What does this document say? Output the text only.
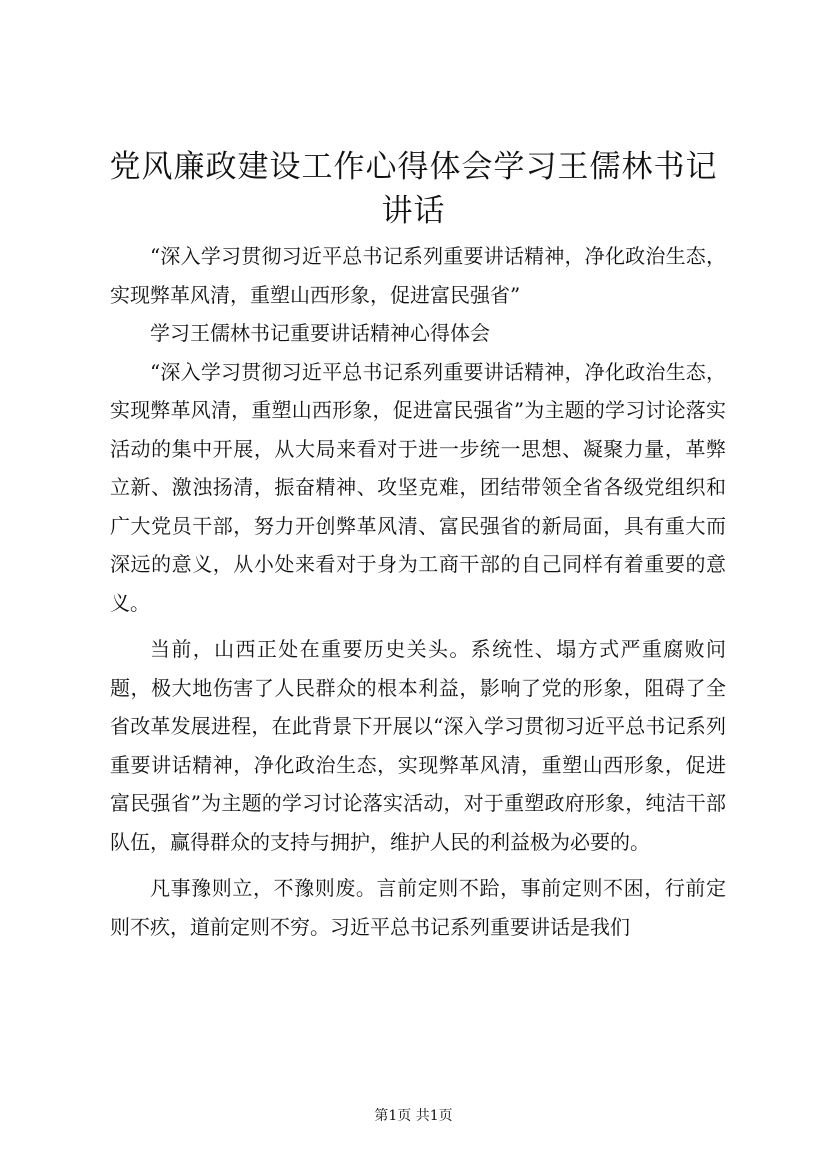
党风廉政建设工作心得体会学习王儒林书记讲话

“深入学习贯彻习近平总书记系列重要讲话精神，净化政治生态，实现弊革风清，重塑山西形象，促进富民强省”

学习王儒林书记重要讲话精神心得体会

“深入学习贯彻习近平总书记系列重要讲话精神，净化政治生态，实现弊革风清，重塑山西形象，促进富民强省”为主题的学习讨论落实活动的集中开展，从大局来看对于进一步统一思想、凝聚力量，革弊立新、激浊扬清，振奋精神、攻坚克难，团结带领全省各级党组织和广大党员干部，努力开创弊革风清、富民强省的新局面，具有重大而深远的意义，从小处来看对于身为工商干部的自己同样有着重要的意义。

当前，山西正处在重要历史关头。系统性、塌方式严重腐败问题，极大地伤害了人民群众的根本利益，影响了党的形象，阻碍了全省改革发展进程，在此背景下开展以“深入学习贯彻习近平总书记系列重要讲话精神，净化政治生态，实现弊革风清，重塑山西形象，促进富民强省”为主题的学习讨论落实活动，对于重塑政府形象，纯洁干部队伍，赢得群众的支持与拥护，维护人民的利益极为必要的。

凡事豫则立，不豫则废。言前定则不跲，事前定则不困，行前定则不疚，道前定则不穷。习近平总书记系列重要讲话是我们

第1页 共1页
